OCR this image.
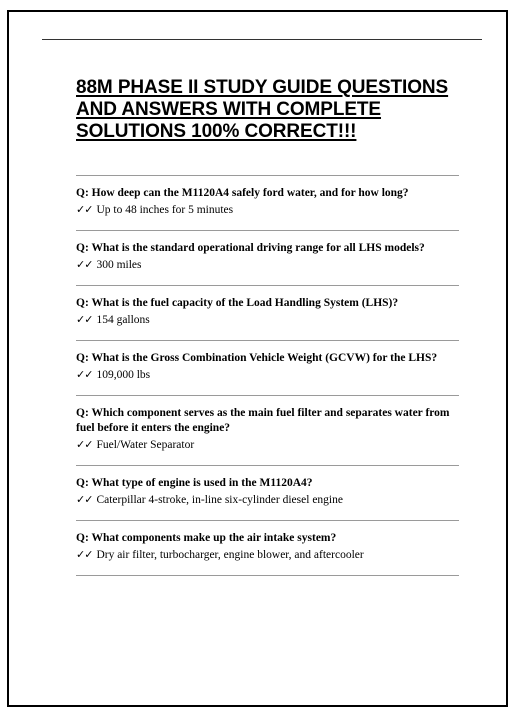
88M PHASE II STUDY GUIDE QUESTIONS AND ANSWERS WITH COMPLETE SOLUTIONS 100% CORRECT!!!

Q: How deep can the M1120A4 safely ford water, and for how long?

✓✓ Up to 48 inches for 5 minutes

Q: What is the standard operational driving range for all LHS models?

✓✓ 300 miles

Q: What is the fuel capacity of the Load Handling System (LHS)?

✓✓ 154 gallons

Q: What is the Gross Combination Vehicle Weight (GCVW) for the LHS?

✓✓ 109,000 lbs

Q: Which component serves as the main fuel filter and separates water from fuel before it enters the engine?

✓✓ Fuel/Water Separator

Q: What type of engine is used in the M1120A4?

✓✓ Caterpillar 4-stroke, in-line six-cylinder diesel engine

Q: What components make up the air intake system?

✓✓ Dry air filter, turbocharger, engine blower, and aftercooler
